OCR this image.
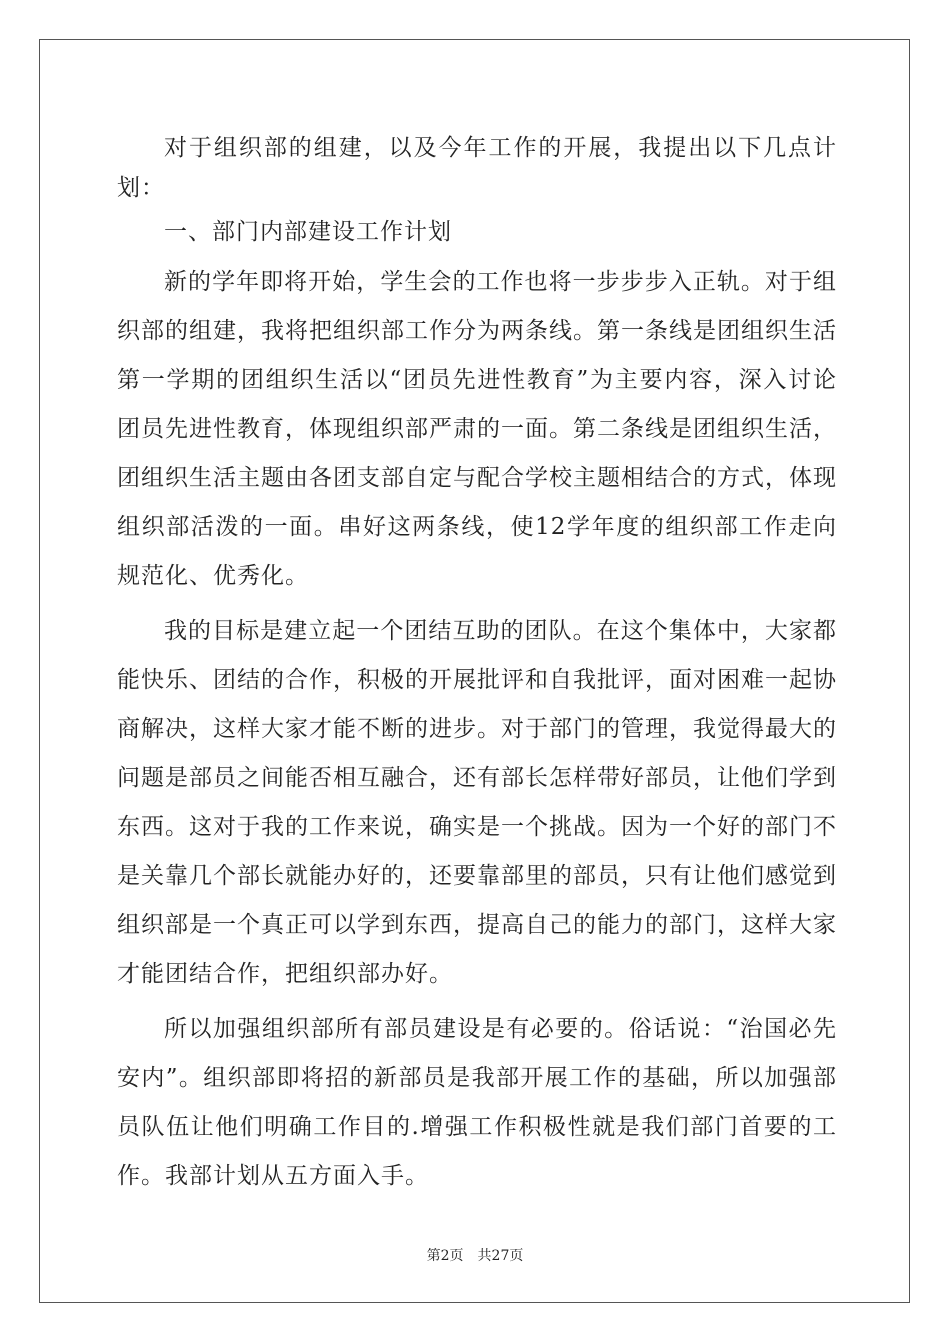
对于组织部的组建，以及今年工作的开展，我提出以下几点计划：

一、部门内部建设工作计划

新的学年即将开始，学生会的工作也将一步步步入正轨。对于组织部的组建，我将把组织部工作分为两条线。第一条线是团组织生活第一学期的团组织生活以“团员先进性教育”为主要内容，深入讨论团员先进性教育，体现组织部严肃的一面。第二条线是团组织生活，团组织生活主题由各团支部自定与配合学校主题相结合的方式，体现组织部活泼的一面。串好这两条线，使12学年度的组织部工作走向规范化、优秀化。

我的目标是建立起一个团结互助的团队。在这个集体中，大家都能快乐、团结的合作，积极的开展批评和自我批评，面对困难一起协商解决，这样大家才能不断的进步。对于部门的管理，我觉得最大的问题是部员之间能否相互融合，还有部长怎样带好部员，让他们学到东西。这对于我的工作来说，确实是一个挑战。因为一个好的部门不是关靠几个部长就能办好的，还要靠部里的部员，只有让他们感觉到组织部是一个真正可以学到东西，提高自己的能力的部门，这样大家才能团结合作，把组织部办好。

所以加强组织部所有部员建设是有必要的。俗话说：“治国必先安内”。组织部即将招的新部员是我部开展工作的基础，所以加强部员队伍让他们明确工作目的.增强工作积极性就是我们部门首要的工作。我部计划从五方面入手。

第2页 共27页
